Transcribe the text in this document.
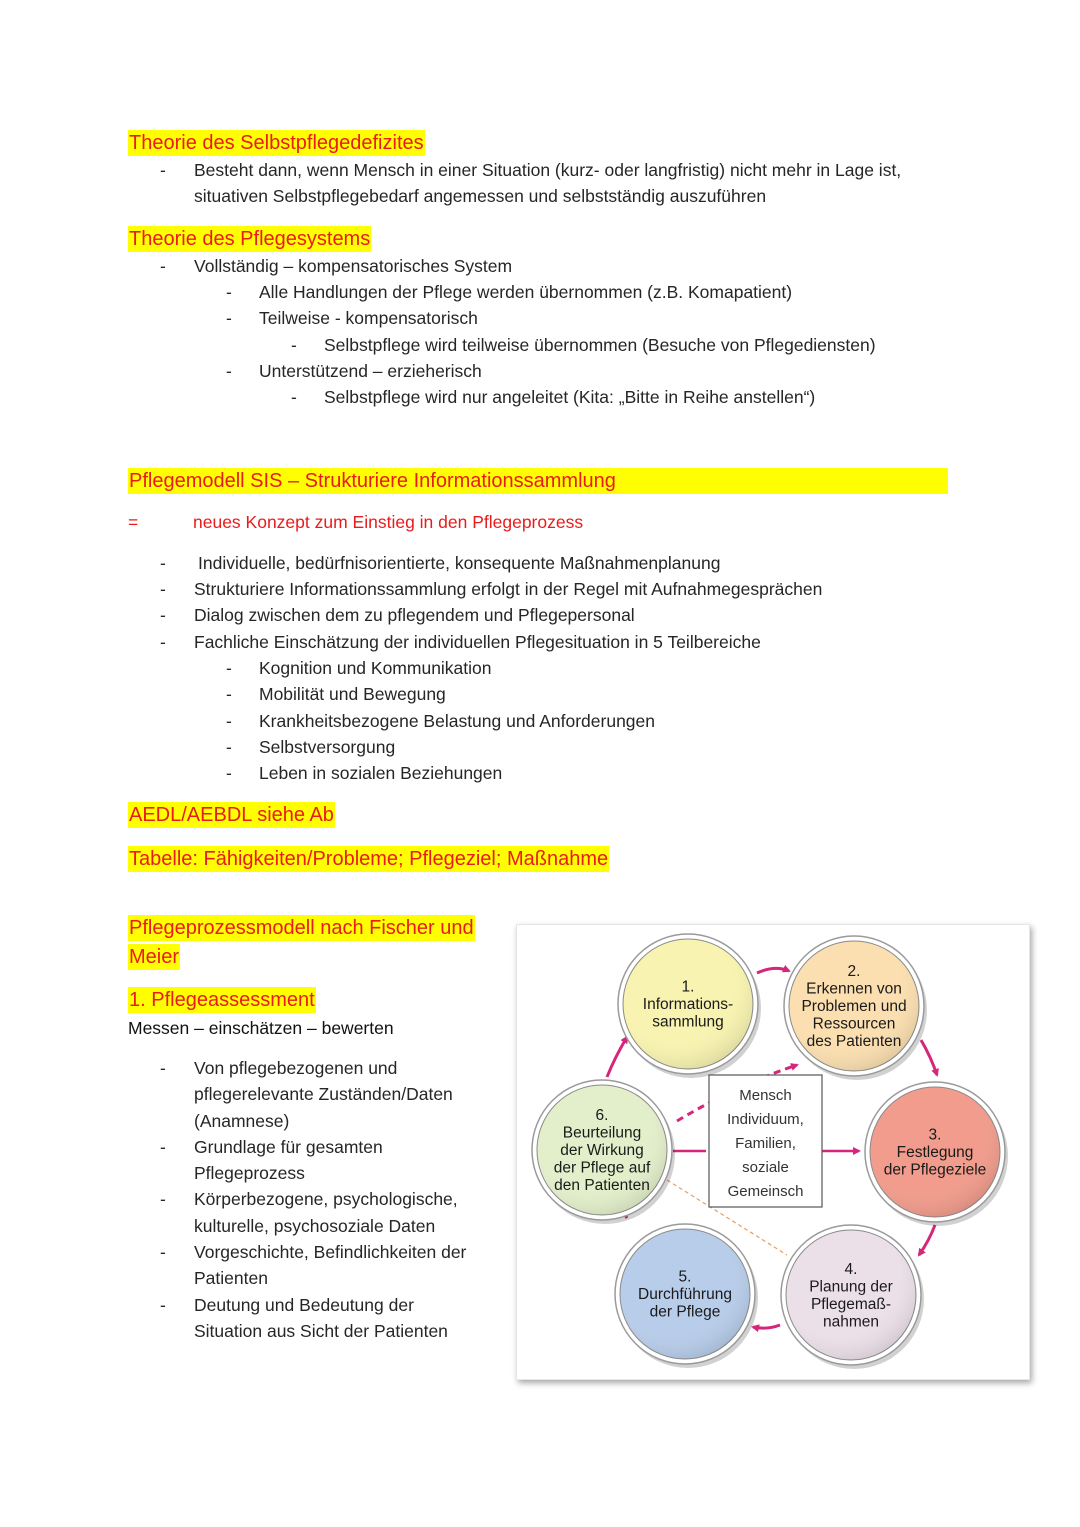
Theorie des Selbstpflegedefizites
- Besteht dann, wenn Mensch in einer Situation (kurz- oder langfristig) nicht mehr in Lage ist,
situativen Selbstpflegebedarf angemessen und selbstständig auszuführen
Theorie des Pflegesystems
- Vollständig – kompensatorisches System
- Alle Handlungen der Pflege werden übernommen (z.B. Komapatient)
- Teilweise - kompensatorisch
- Selbstpflege wird teilweise übernommen (Besuche von Pflegediensten)
- Unterstützend – erzieherisch
- Selbstpflege wird nur angeleitet (Kita: „Bitte in Reihe anstellen“)
Pflegemodell SIS – Strukturiere Informationssammlung
=	neues Konzept zum Einstieg in den Pflegeprozess
- Individuelle, bedürfnisorientierte, konsequente Maßnahmenplanung
- Strukturiere Informationssammlung erfolgt in der Regel mit Aufnahmegesprächen
- Dialog zwischen dem zu pflegendem und Pflegepersonal
- Fachliche Einschätzung der individuellen Pflegesituation in 5 Teilbereiche
- Kognition und Kommunikation
- Mobilität und Bewegung
- Krankheitsbezogene Belastung und Anforderungen
- Selbstversorgung
- Leben in sozialen Beziehungen
AEDL/AEBDL siehe Ab
Tabelle: Fähigkeiten/Probleme; Pflegeziel; Maßnahme
Pflegeprozessmodell nach Fischer und
Meier
1. Pflegeassessment
Messen – einschätzen – bewerten
- Von pflegebezogenen und
pflegerelevante Zuständen/Daten
(Anamnese)
- Grundlage für gesamten
Pflegeprozess
- Körperbezogene, psychologische,
kulturelle, psychosoziale Daten
- Vorgeschichte, Befindlichkeiten der
Patienten
- Deutung und Bedeutung der
Situation aus Sicht der Patienten
1.
Informations-
sammlung
2.
Erkennen von
Problemen und
Ressourcen
des Patienten
3.
Festlegung
der Pflegeziele
4.
Planung der
Pflegemaß-
nahmen
5.
Durchführung
der Pflege
6.
Beurteilung
der Wirkung
der Pflege auf
den Patienten
Mensch
Individuum,
Familien,
soziale
Gemeinsch
